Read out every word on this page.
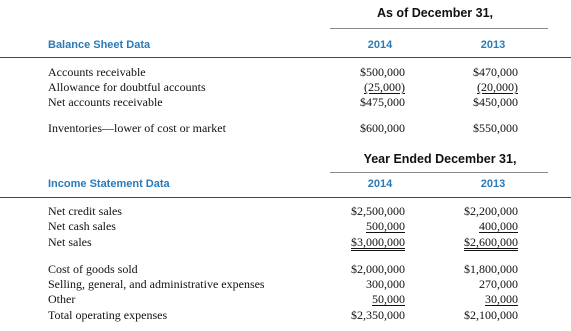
As of December 31,
Balance Sheet Data	2014	2013
Accounts receivable	$500,000	$470,000
Allowance for doubtful accounts	(25,000)	(20,000)
Net accounts receivable	$475,000	$450,000
Inventories—lower of cost or market	$600,000	$550,000
Year Ended December 31,
Income Statement Data	2014	2013
Net credit sales	$2,500,000	$2,200,000
Net cash sales	500,000	400,000
Net sales	$3,000,000	$2,600,000
Cost of goods sold	$2,000,000	$1,800,000
Selling, general, and administrative expenses	300,000	270,000
Other	50,000	30,000
Total operating expenses	$2,350,000	$2,100,000
